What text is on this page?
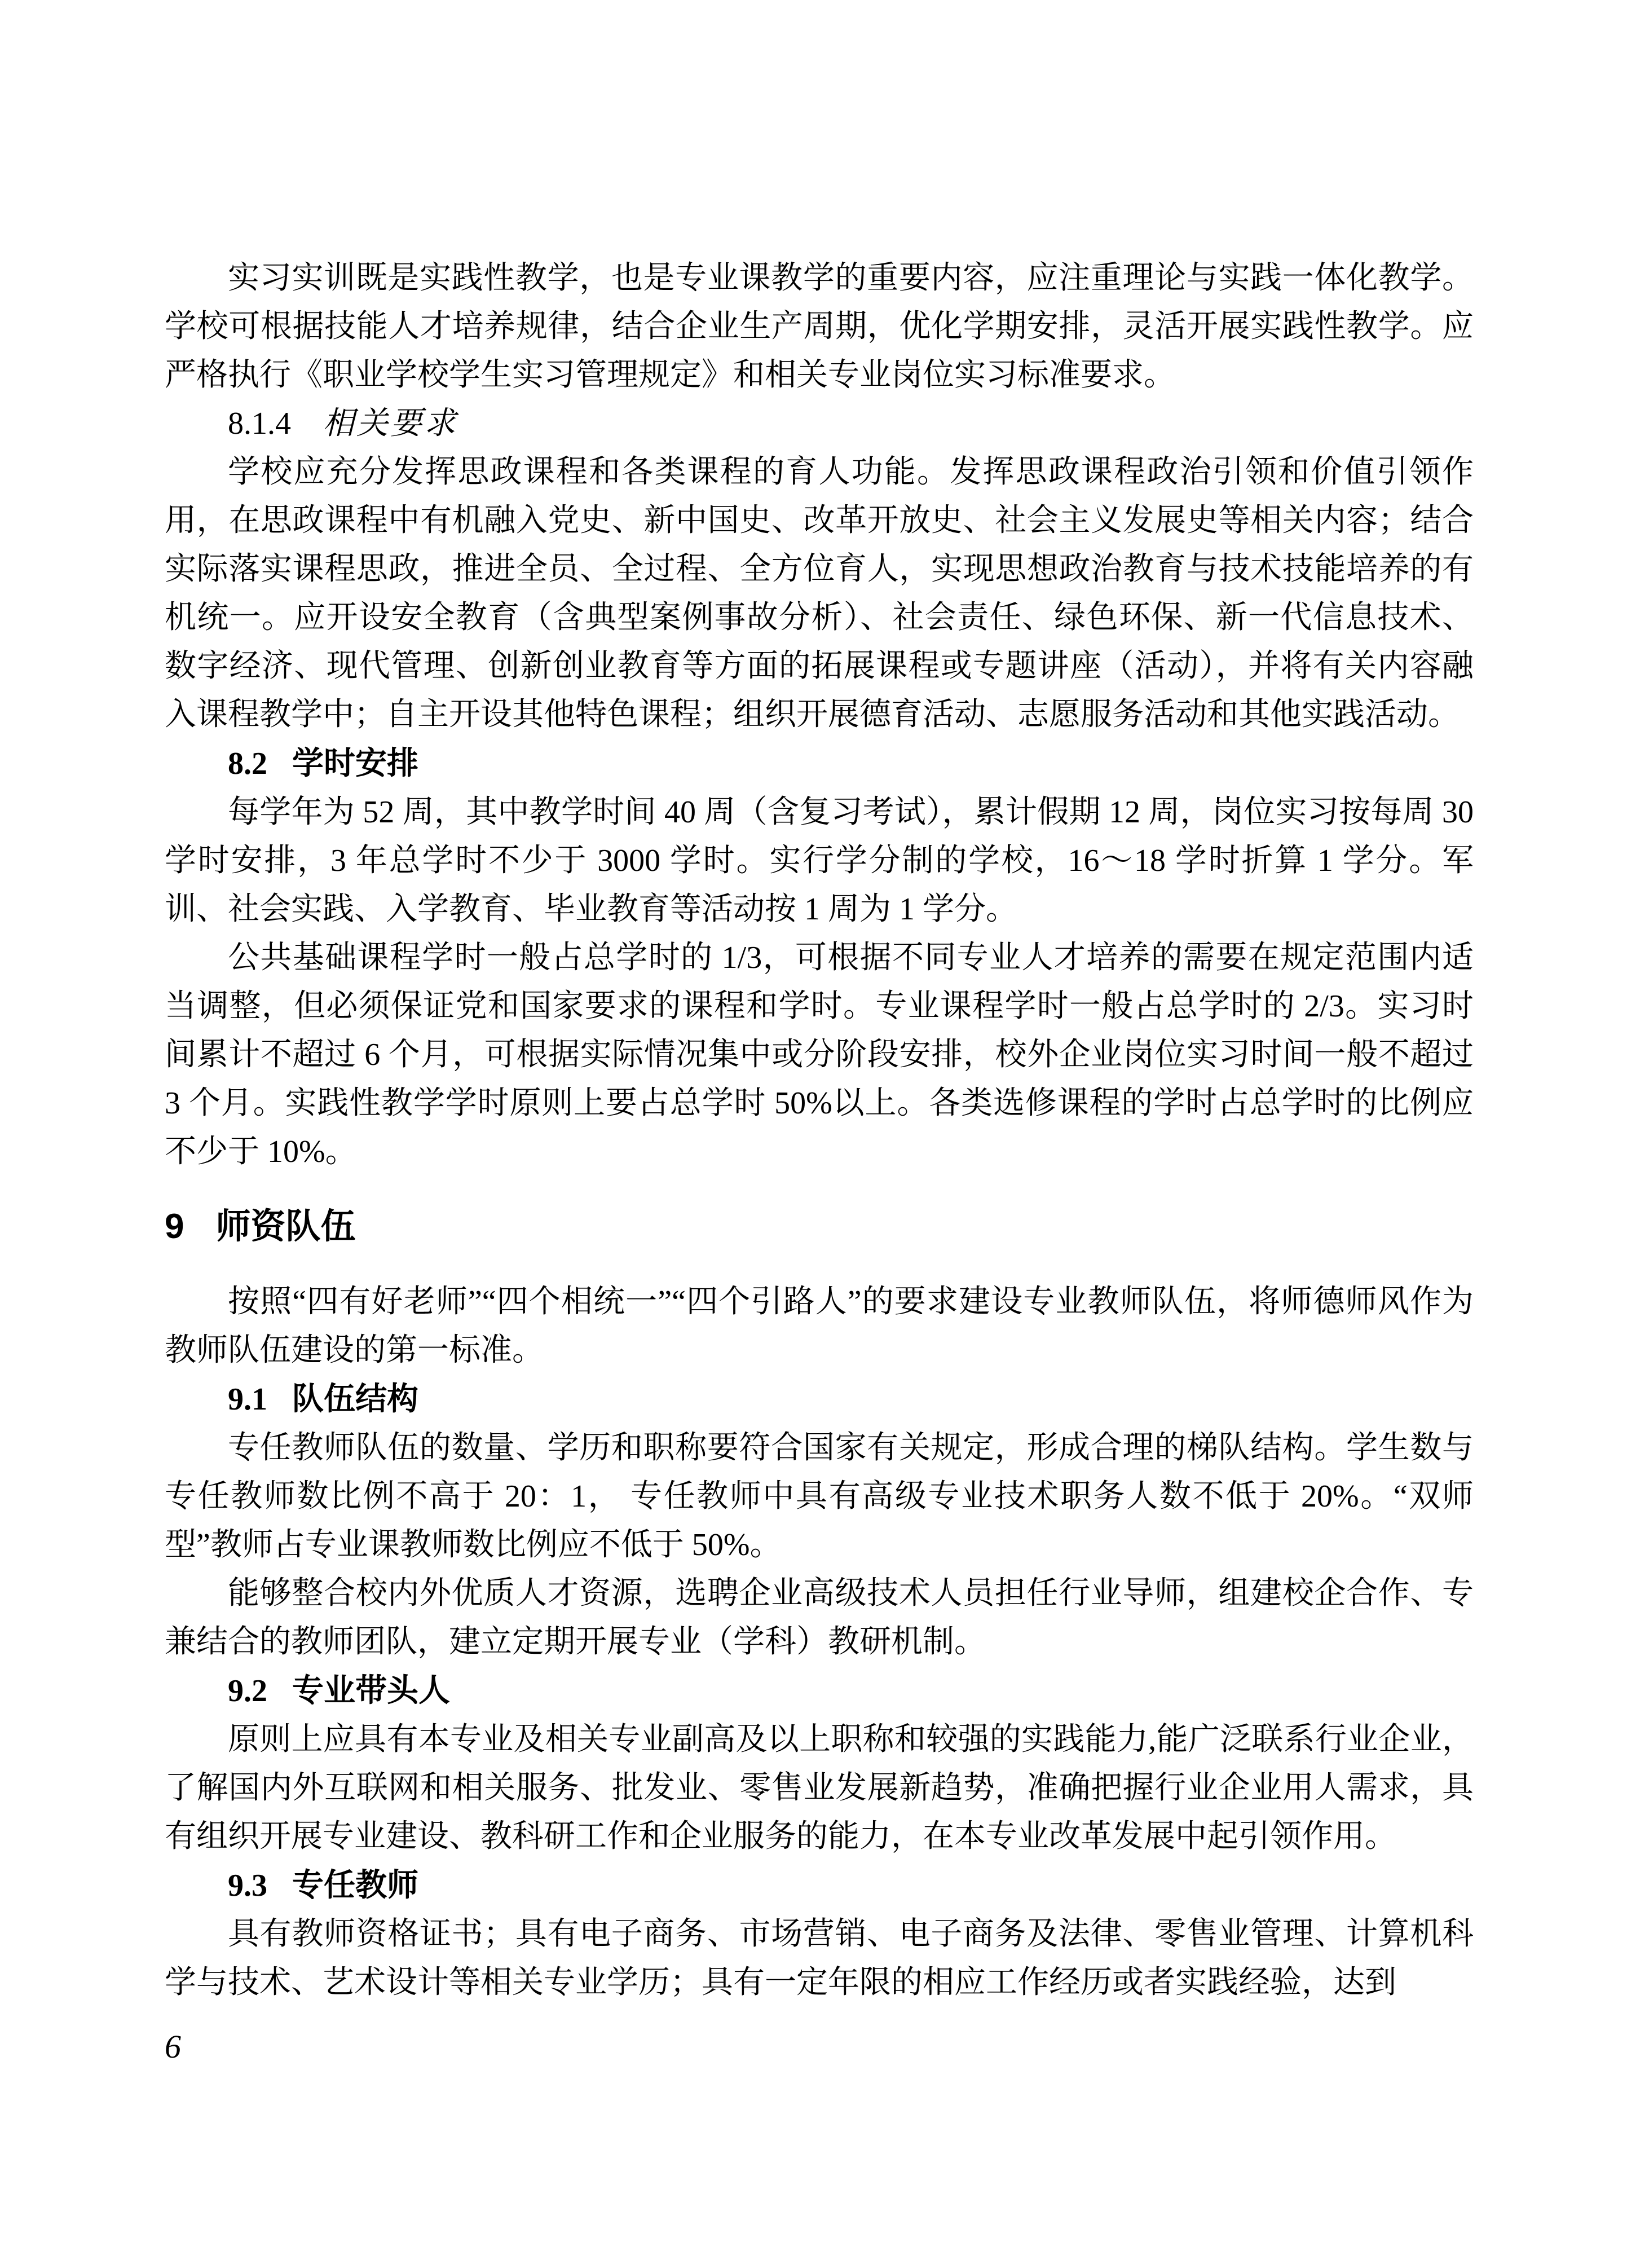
实习实训既是实践性教学，也是专业课教学的重要内容，应注重理论与实践一体化教学。学校可根据技能人才培养规律，结合企业生产周期，优化学期安排，灵活开展实践性教学。应严格执行《职业学校学生实习管理规定》和相关专业岗位实习标准要求。

8.1.4 相关要求

学校应充分发挥思政课程和各类课程的育人功能。发挥思政课程政治引领和价值引领作用，在思政课程中有机融入党史、新中国史、改革开放史、社会主义发展史等相关内容；结合实际落实课程思政，推进全员、全过程、全方位育人，实现思想政治教育与技术技能培养的有机统一。应开设安全教育（含典型案例事故分析）、社会责任、绿色环保、新一代信息技术、数字经济、现代管理、创新创业教育等方面的拓展课程或专题讲座（活动），并将有关内容融入课程教学中；自主开设其他特色课程；组织开展德育活动、志愿服务活动和其他实践活动。

8.2 学时安排

每学年为 52 周，其中教学时间 40 周（含复习考试），累计假期 12 周，岗位实习按每周 30 学时安排，3 年总学时不少于 3000 学时。实行学分制的学校，16～18 学时折算 1 学分。军训、社会实践、入学教育、毕业教育等活动按 1 周为 1 学分。

公共基础课程学时一般占总学时的 1/3，可根据不同专业人才培养的需要在规定范围内适当调整，但必须保证党和国家要求的课程和学时。专业课程学时一般占总学时的 2/3。实习时间累计不超过 6 个月，可根据实际情况集中或分阶段安排，校外企业岗位实习时间一般不超过 3 个月。实践性教学学时原则上要占总学时 50%以上。各类选修课程的学时占总学时的比例应不少于 10%。

9 师资队伍

按照“四有好老师”“四个相统一”“四个引路人”的要求建设专业教师队伍，将师德师风作为教师队伍建设的第一标准。

9.1 队伍结构

专任教师队伍的数量、学历和职称要符合国家有关规定，形成合理的梯队结构。学生数与专任教师数比例不高于 20：1， 专任教师中具有高级专业技术职务人数不低于 20%。“双师型”教师占专业课教师数比例应不低于 50%。

能够整合校内外优质人才资源，选聘企业高级技术人员担任行业导师，组建校企合作、专兼结合的教师团队，建立定期开展专业（学科）教研机制。

9.2 专业带头人

原则上应具有本专业及相关专业副高及以上职称和较强的实践能力,能广泛联系行业企业，了解国内外互联网和相关服务、批发业、零售业发展新趋势，准确把握行业企业用人需求，具有组织开展专业建设、教科研工作和企业服务的能力，在本专业改革发展中起引领作用。

9.3 专任教师

具有教师资格证书；具有电子商务、市场营销、电子商务及法律、零售业管理、计算机科学与技术、艺术设计等相关专业学历；具有一定年限的相应工作经历或者实践经验，达到

6
